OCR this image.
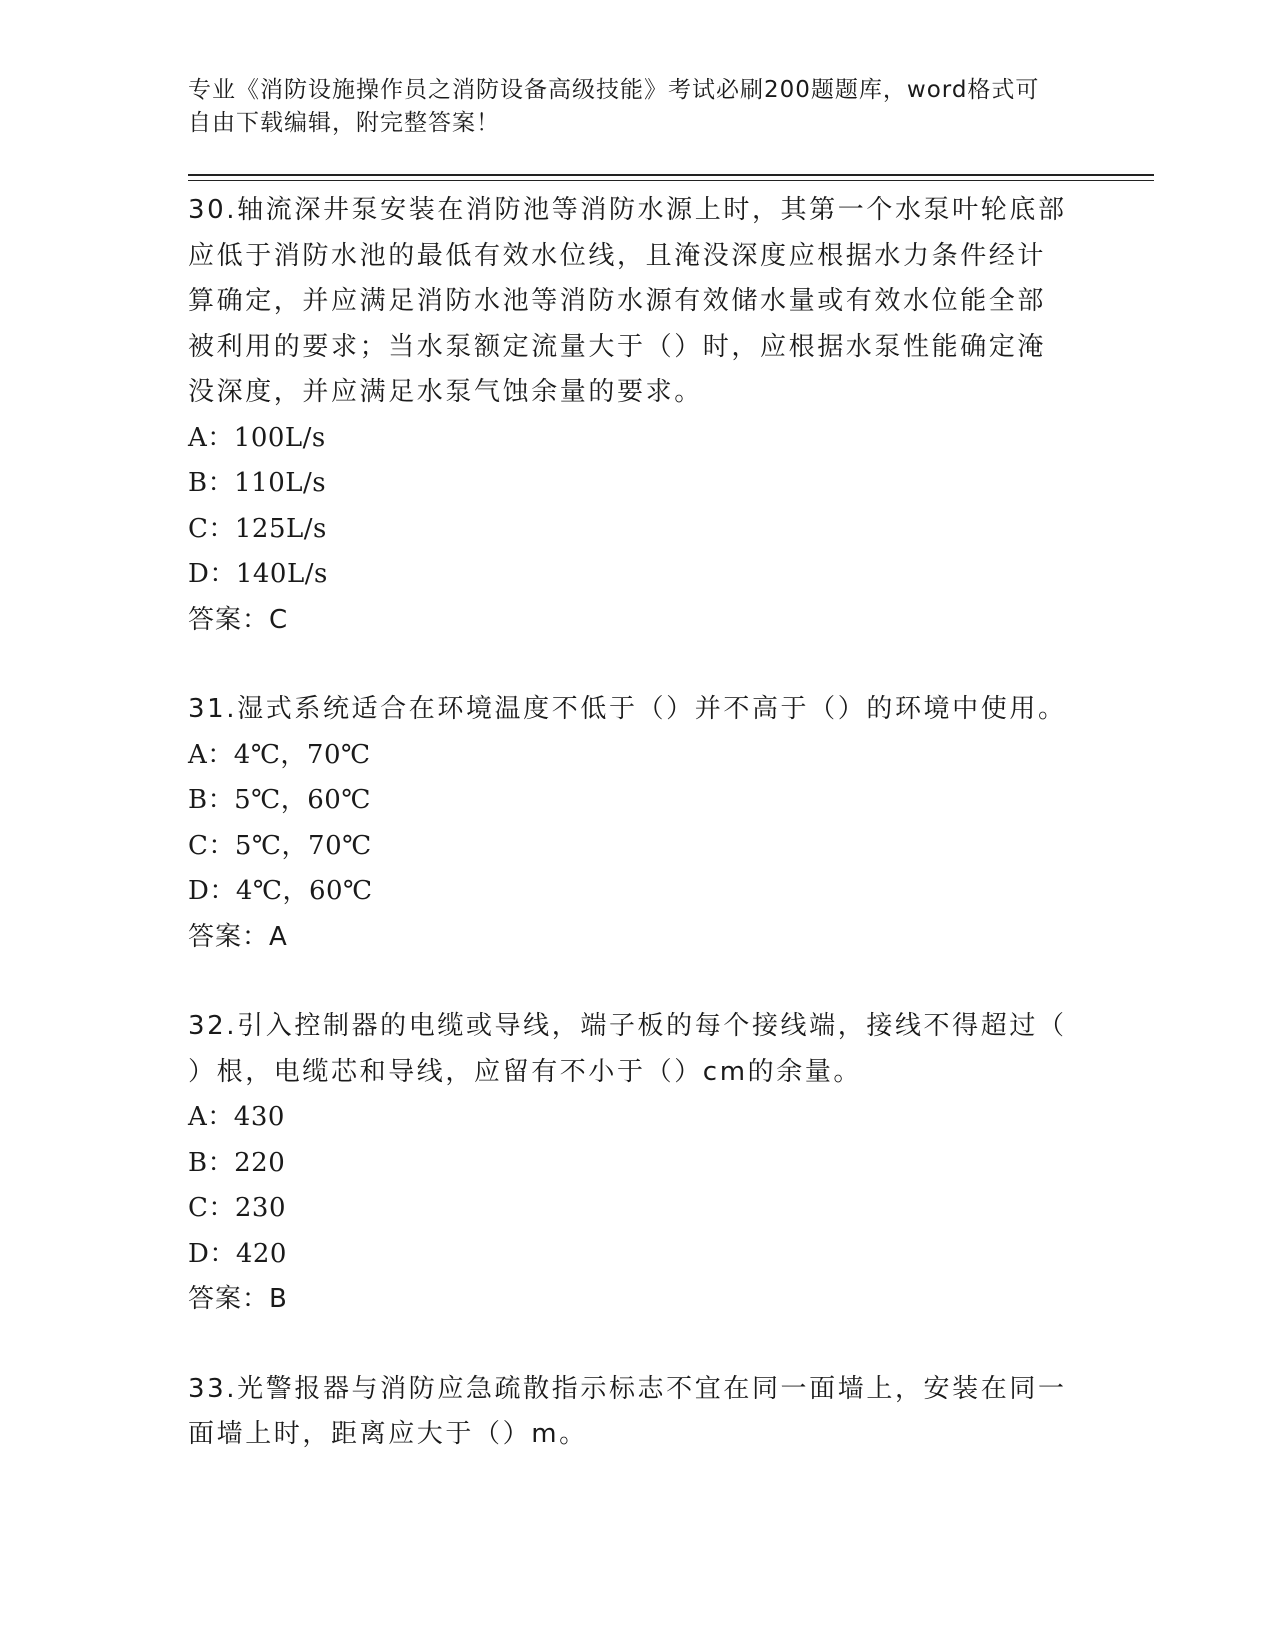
专业《消防设施操作员之消防设备高级技能》考试必刷200题题库，word格式可
自由下载编辑，附完整答案！

30.轴流深井泵安装在消防池等消防水源上时，其第一个水泵叶轮底部

应低于消防水池的最低有效水位线，且淹没深度应根据水力条件经计

算确定，并应满足消防水池等消防水源有效储水量或有效水位能全部

被利用的要求；当水泵额定流量大于（）时，应根据水泵性能确定淹

没深度，并应满足水泵气蚀余量的要求。

A：100L/s

B：110L/s

C：125L/s

D：140L/s

答案：C

31.湿式系统适合在环境温度不低于（）并不高于（）的环境中使用。

A：4℃，70℃

B：5℃，60℃

C：5℃，70℃

D：4℃，60℃

答案：A

32.引入控制器的电缆或导线，端子板的每个接线端，接线不得超过（

）根，电缆芯和导线，应留有不小于（）cm的余量。

A：430

B：220

C：230

D：420

答案：B

33.光警报器与消防应急疏散指示标志不宜在同一面墙上，安装在同一

面墙上时，距离应大于（）m。
